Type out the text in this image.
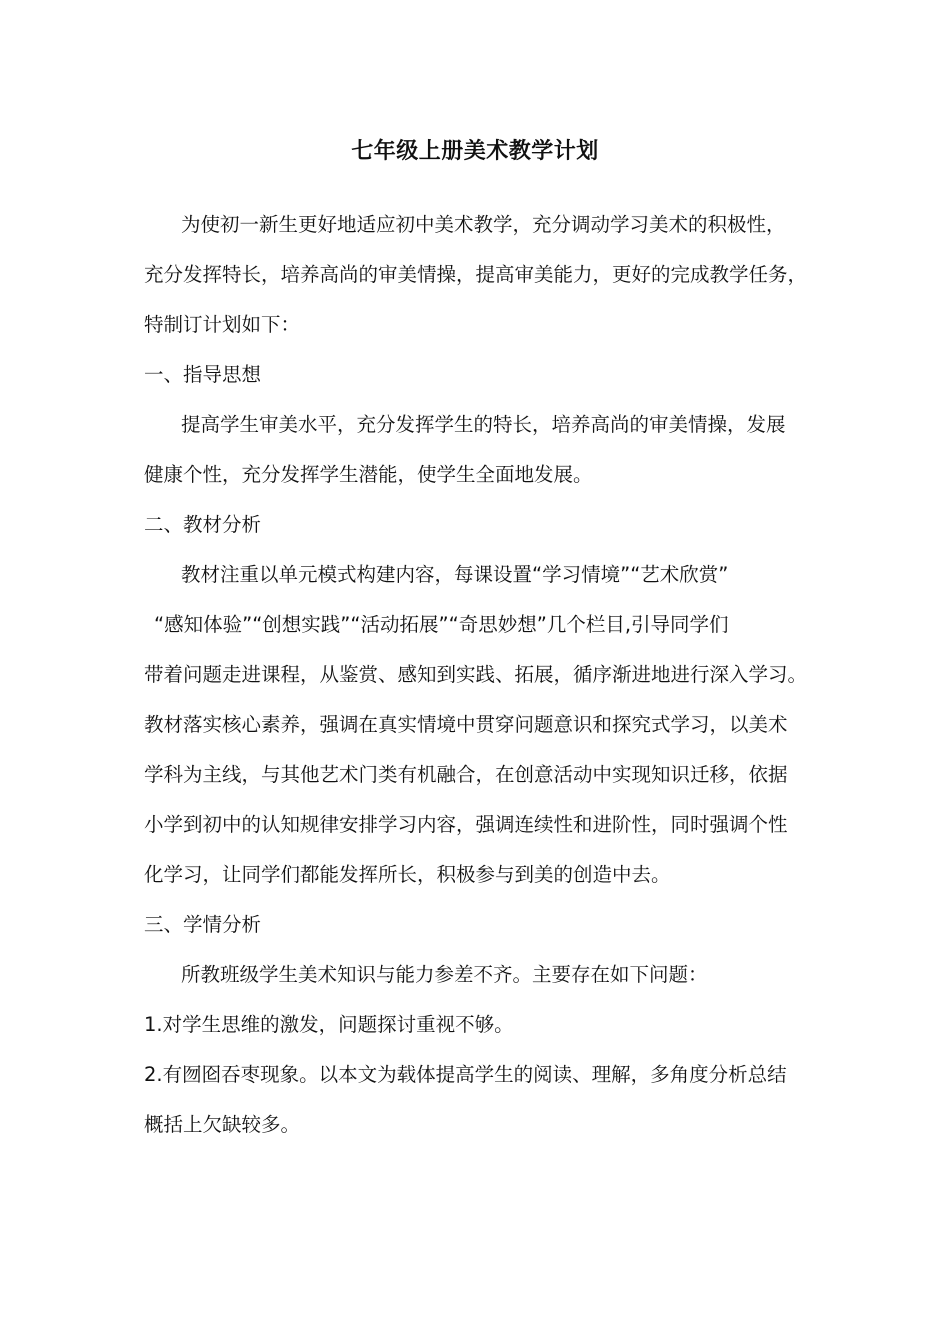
七年级上册美术教学计划
为使初一新生更好地适应初中美术教学，充分调动学习美术的积极性，
充分发挥特长，培养高尚的审美情操，提高审美能力，更好的完成教学任务，
特制订计划如下：
一、指导思想
提高学生审美水平，充分发挥学生的特长，培养高尚的审美情操，发展
健康个性，充分发挥学生潜能，使学生全面地发展。
二、教材分析
教材注重以单元模式构建内容，每课设置“学习情境”“艺术欣赏”
“感知体验”“创想实践”“活动拓展”“奇思妙想”几个栏目,引导同学们
带着问题走进课程，从鉴赏、感知到实践、拓展，循序渐进地进行深入学习。
教材落实核心素养，强调在真实情境中贯穿问题意识和探究式学习，以美术
学科为主线，与其他艺术门类有机融合，在创意活动中实现知识迁移，依据
小学到初中的认知规律安排学习内容，强调连续性和进阶性，同时强调个性
化学习，让同学们都能发挥所长，积极参与到美的创造中去。
三、学情分析
所教班级学生美术知识与能力参差不齐。主要存在如下问题：
1.对学生思维的激发，问题探讨重视不够。
2.有囫囵吞枣现象。以本文为载体提高学生的阅读、理解，多角度分析总结
概括上欠缺较多。
